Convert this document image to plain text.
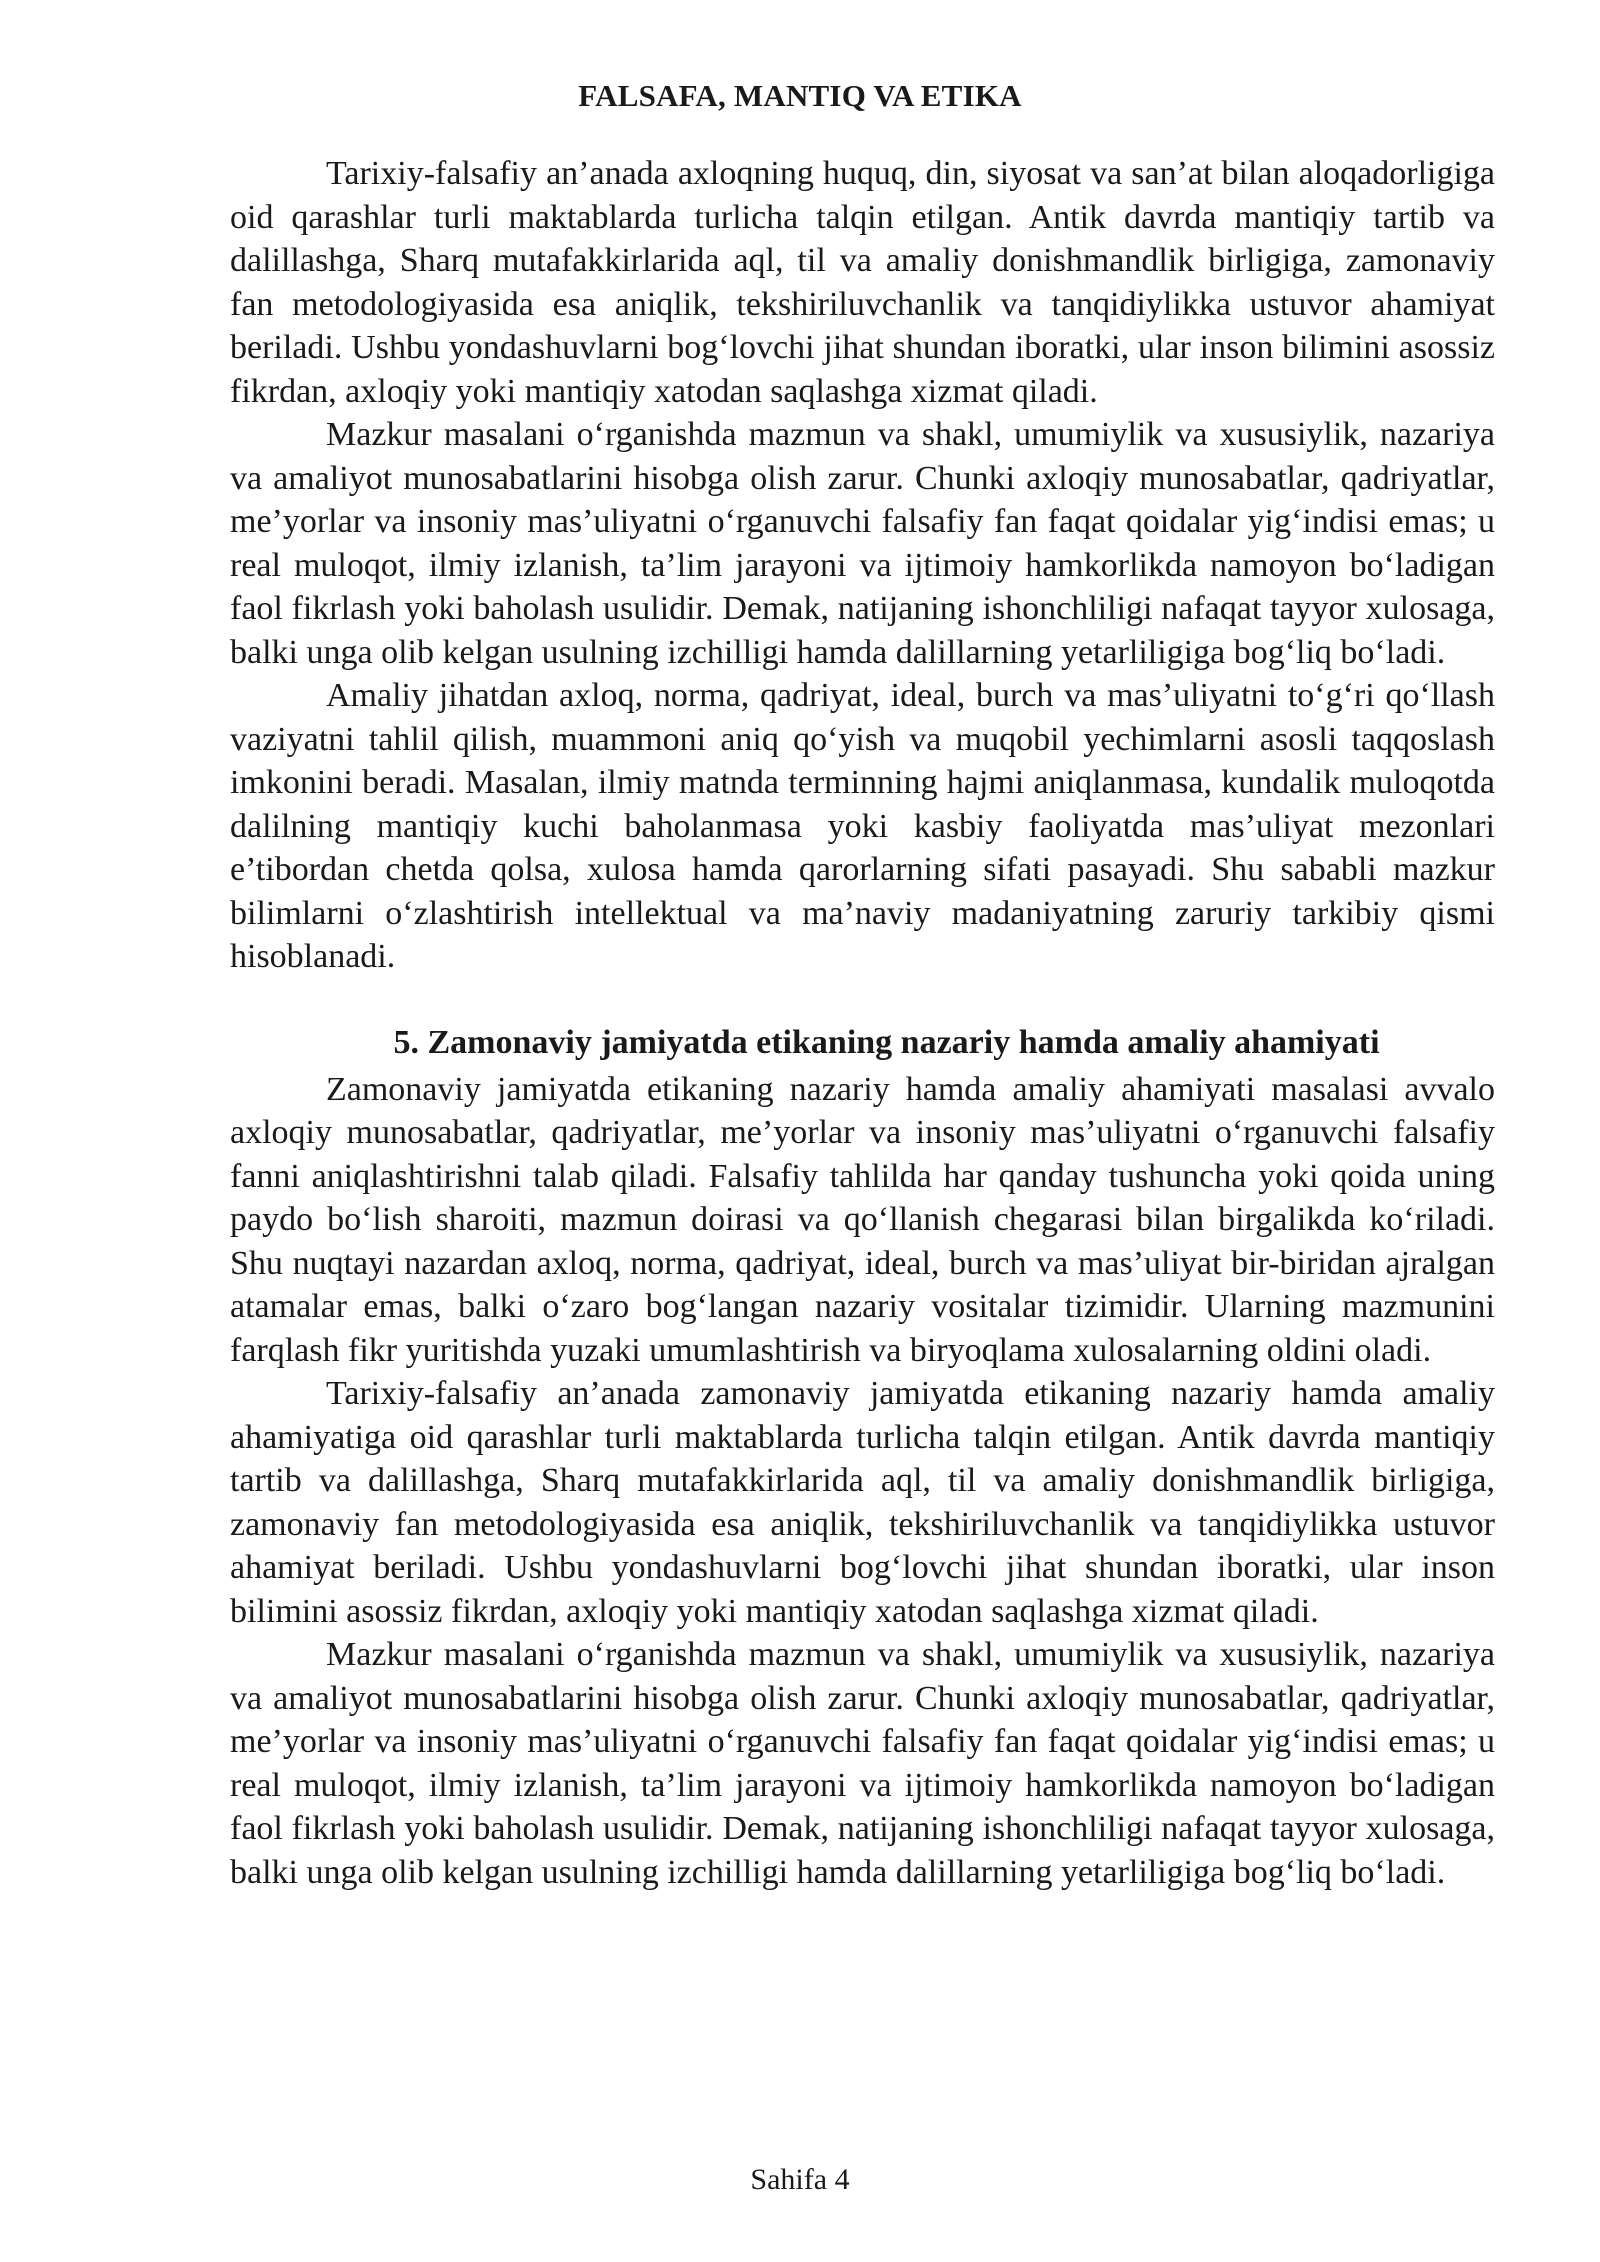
FALSAFA, MANTIQ VA ETIKA

Tarixiy-falsafiy an’anada axloqning huquq, din, siyosat va san’at bilan aloqadorligiga oid qarashlar turli maktablarda turlicha talqin etilgan. Antik davrda mantiqiy tartib va dalillashga, Sharq mutafakkirlarida aql, til va amaliy donishmandlik birligiga, zamonaviy fan metodologiyasida esa aniqlik, tekshiriluvchanlik va tanqidiylikka ustuvor ahamiyat beriladi. Ushbu yondashuvlarni bog‘lovchi jihat shundan iboratki, ular inson bilimini asossiz fikrdan, axloqiy yoki mantiqiy xatodan saqlashga xizmat qiladi.

Mazkur masalani o‘rganishda mazmun va shakl, umumiylik va xususiylik, nazariya va amaliyot munosabatlarini hisobga olish zarur. Chunki axloqiy munosabatlar, qadriyatlar, me’yorlar va insoniy mas’uliyatni o‘rganuvchi falsafiy fan faqat qoidalar yig‘indisi emas; u real muloqot, ilmiy izlanish, ta’lim jarayoni va ijtimoiy hamkorlikda namoyon bo‘ladigan faol fikrlash yoki baholash usulidir. Demak, natijaning ishonchliligi nafaqat tayyor xulosaga, balki unga olib kelgan usulning izchilligi hamda dalillarning yetarliligiga bog‘liq bo‘ladi.

Amaliy jihatdan axloq, norma, qadriyat, ideal, burch va mas’uliyatni to‘g‘ri qo‘llash vaziyatni tahlil qilish, muammoni aniq qo‘yish va muqobil yechimlarni asosli taqqoslash imkonini beradi. Masalan, ilmiy matnda terminning hajmi aniqlanmasa, kundalik muloqotda dalilning mantiqiy kuchi baholanmasa yoki kasbiy faoliyatda mas’uliyat mezonlari e’tibordan chetda qolsa, xulosa hamda qarorlarning sifati pasayadi. Shu sababli mazkur bilimlarni o‘zlashtirish intellektual va ma’naviy madaniyatning zaruriy tarkibiy qismi hisoblanadi.

5. Zamonaviy jamiyatda etikaning nazariy hamda amaliy ahamiyati

Zamonaviy jamiyatda etikaning nazariy hamda amaliy ahamiyati masalasi avvalo axloqiy munosabatlar, qadriyatlar, me’yorlar va insoniy mas’uliyatni o‘rganuvchi falsafiy fanni aniqlashtirishni talab qiladi. Falsafiy tahlilda har qanday tushuncha yoki qoida uning paydo bo‘lish sharoiti, mazmun doirasi va qo‘llanish chegarasi bilan birgalikda ko‘riladi. Shu nuqtayi nazardan axloq, norma, qadriyat, ideal, burch va mas’uliyat bir-biridan ajralgan atamalar emas, balki o‘zaro bog‘langan nazariy vositalar tizimidir. Ularning mazmunini farqlash fikr yuritishda yuzaki umumlashtirish va biryoqlama xulosalarning oldini oladi.

Tarixiy-falsafiy an’anada zamonaviy jamiyatda etikaning nazariy hamda amaliy ahamiyatiga oid qarashlar turli maktablarda turlicha talqin etilgan. Antik davrda mantiqiy tartib va dalillashga, Sharq mutafakkirlarida aql, til va amaliy donishmandlik birligiga, zamonaviy fan metodologiyasida esa aniqlik, tekshiriluvchanlik va tanqidiylikka ustuvor ahamiyat beriladi. Ushbu yondashuvlarni bog‘lovchi jihat shundan iboratki, ular inson bilimini asossiz fikrdan, axloqiy yoki mantiqiy xatodan saqlashga xizmat qiladi.

Mazkur masalani o‘rganishda mazmun va shakl, umumiylik va xususiylik, nazariya va amaliyot munosabatlarini hisobga olish zarur. Chunki axloqiy munosabatlar, qadriyatlar, me’yorlar va insoniy mas’uliyatni o‘rganuvchi falsafiy fan faqat qoidalar yig‘indisi emas; u real muloqot, ilmiy izlanish, ta’lim jarayoni va ijtimoiy hamkorlikda namoyon bo‘ladigan faol fikrlash yoki baholash usulidir. Demak, natijaning ishonchliligi nafaqat tayyor xulosaga, balki unga olib kelgan usulning izchilligi hamda dalillarning yetarliligiga bog‘liq bo‘ladi.

Sahifa 4
